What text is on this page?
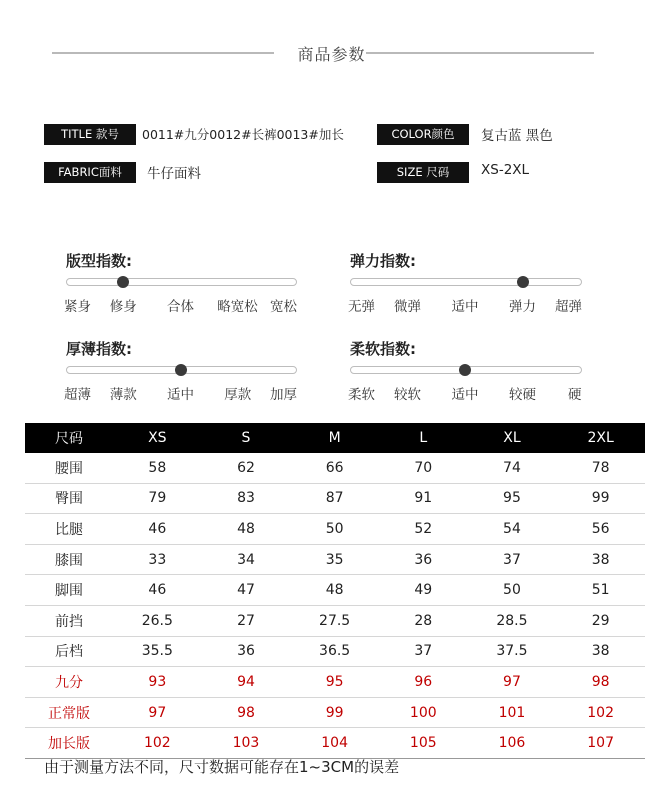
商品参数
TITLE 款号	0011#九分0012#长裤0013#加长	COLOR颜色	复古蓝 黑色
FABRIC面料	牛仔面料	SIZE 尺码	XS-2XL
版型指数:
紧身 修身 合体 略宽松 宽松
弹力指数:
无弹 微弹 适中 弹力 超弹
厚薄指数:
超薄 薄款 适中 厚款 加厚
柔软指数:
柔软 较软 适中 较硬 硬
尺码	XS	S	M	L	XL	2XL
腰围	58	62	66	70	74	78
臀围	79	83	87	91	95	99
比腿	46	48	50	52	54	56
膝围	33	34	35	36	37	38
脚围	46	47	48	49	50	51
前挡	26.5	27	27.5	28	28.5	29
后档	35.5	36	36.5	37	37.5	38
九分	93	94	95	96	97	98
正常版	97	98	99	100	101	102
加长版	102	103	104	105	106	107
由于测量方法不同，尺寸数据可能存在1~3CM的误差
